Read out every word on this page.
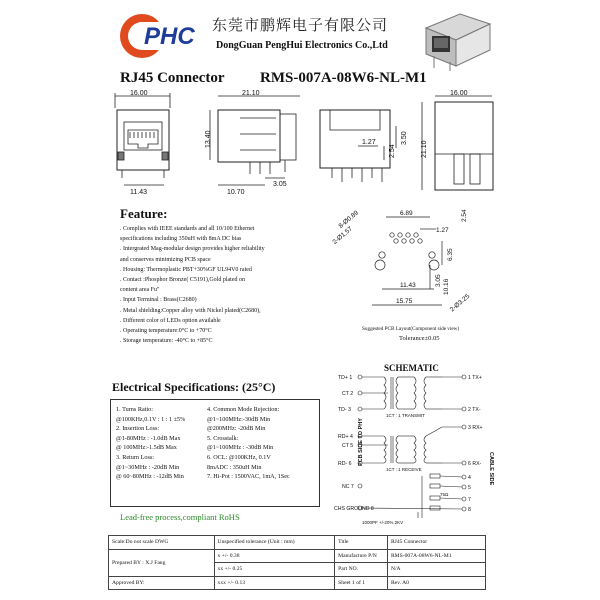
PHC 东莞市鹏辉电子有限公司
DongGuan PengHui Electronics Co.,Ltd
RJ45 Connector RMS-007A-08W6-NL-M1
16.00
11.43
21.10
13.40
10.70
3.05
3.50
1.27
2.54
16.00
21.10
Feature:
. Complies with IEEE standards and all 10/100 Ethernet
specifications including 350uH with 8mA DC bias
. Intergrated Mag-modular design provides higher reliability
and conserves minimizing PCB space
. Housing: Thermoplastic PBT+30%GF UL94V0 rated
. Contact :Phosphor Bronze( C5191),Gold plated on
content area Fu"
. Input Terminal : Brass(C2680)
. Metal shielding:Copper alloy with Nickel plated(C2680),
. Different color of LEDs option available
. Operating temperature:0°C to +70°C
. Storage temperature: -40°C to +85°C
6.89
1.27
2.54
8-Ø0.89
2-Ø1.57
6.35
3.05 10.16
11.43
15.75	2-Ø3.25
Suggested PCB Layout(Component side view)
Tolerance±0.05
Electrical Specifications: (25°C)
1. Turns Ratio:
@100KHz,0.1V : 1 : 1 ±5%
2. Insertion Loss:
@1-80MHz : -1.0dB Max
@ 100MHz:-1.5dB Max
3. Return Loss:
@1~30MHz : -20dB Min
@ 60~80MHz : -12dB Min
4. Common Mode Rejection:
@1~100MHz:-30dB Min
@200MHz: -20dB Min
5. Crosstalk:
@1~100MHz : -30dB Min
6. OCL: @100KHz, 0.1V
8mADC : 350uH Min
7. Hi-Pot : 1500VAC, 1mA, 1Sec
Lead-free process,compliant RoHS
SCHEMATIC
PCB SIDE TO PHY
CABLE SIDE
TD+ 1
CT 2
TD- 3
RD+ 4
CT 5
RD- 6
NC 7
CHS GROUND 8
1 TX+
2 TX-
3 RX+
6 RX-
4
5
7
8
1CT : 1 TRANSMIT
1CT : 1 RECEIVE
1000PF +/-20% 2KV
75Ω
Scale:Do not scale DWG	Unspecified tolerance (Unit : mm)	Title	RJ45 Connector
Prepared BY : X.J Fang	x +/- 0.38	Manufacture P/N	RMS-007A-08W6-NL-M1
	xx +/- 0.25	Part NO.	N/A
Approved BY:	xxx +/- 0.13	Sheet 1 of 1	Rev. A0
